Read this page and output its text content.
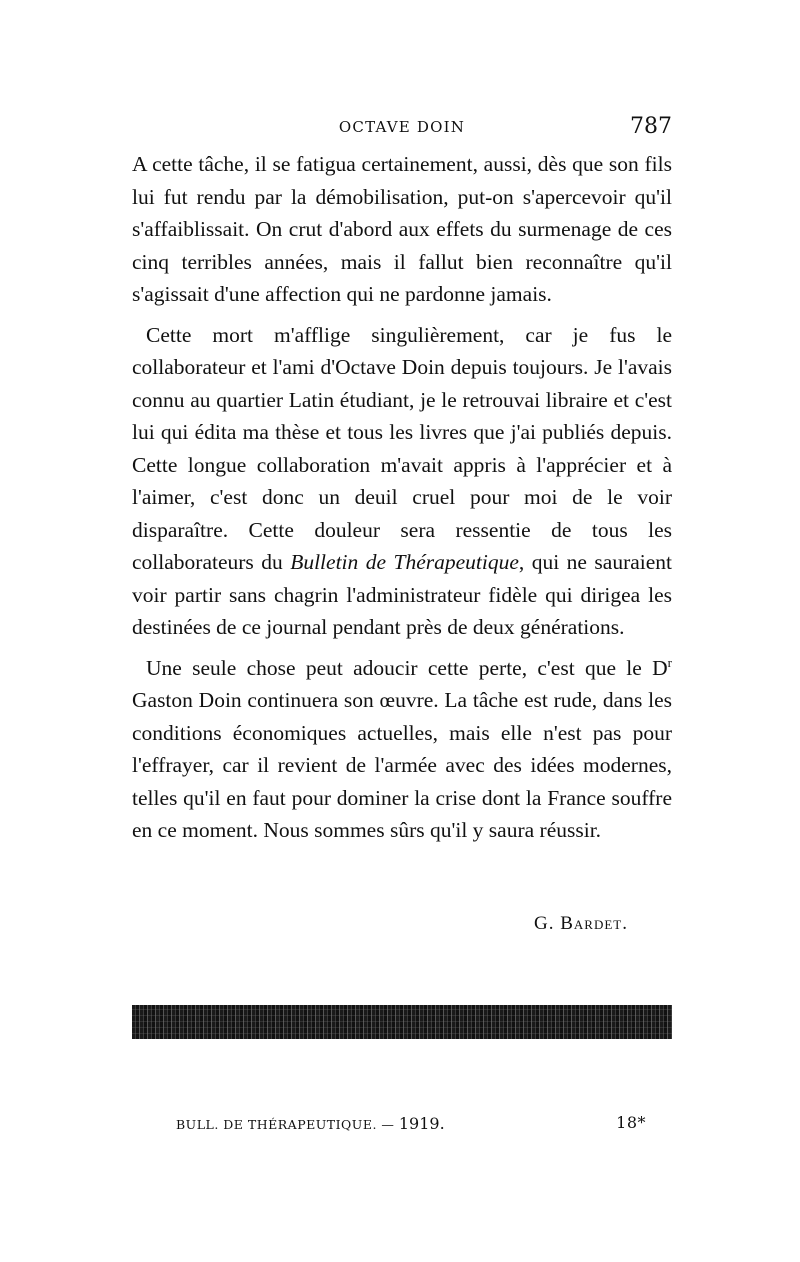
OCTAVE DOIN	787

A cette tâche, il se fatigua certainement, aussi, dès que son fils lui fut rendu par la démobilisation, put-on s'apercevoir qu'il s'affaiblissait. On crut d'abord aux effets du surmenage de ces cinq terribles années, mais il fallut bien reconnaître qu'il s'agissait d'une affection qui ne pardonne jamais.

Cette mort m'afflige singulièrement, car je fus le collaborateur et l'ami d'Octave Doin depuis toujours. Je l'avais connu au quartier Latin étudiant, je le retrouvai libraire et c'est lui qui édita ma thèse et tous les livres que j'ai publiés depuis. Cette longue collaboration m'avait appris à l'apprécier et à l'aimer, c'est donc un deuil cruel pour moi de le voir disparaître. Cette douleur sera ressentie de tous les collaborateurs du Bulletin de Thérapeutique, qui ne sauraient voir partir sans chagrin l'administrateur fidèle qui dirigea les destinées de ce journal pendant près de deux générations.

Une seule chose peut adoucir cette perte, c'est que le $D^r$ Gaston Doin continuera son œuvre. La tâche est rude, dans les conditions économiques actuelles, mais elle n'est pas pour l'effrayer, car il revient de l'armée avec des idées modernes, telles qu'il en faut pour dominer la crise dont la France souffre en ce moment. Nous sommes sûrs qu'il y saura réussir.

G. Bardet.
BULL. DE THÉRAPEUTIQUE. — 1919.	18*
